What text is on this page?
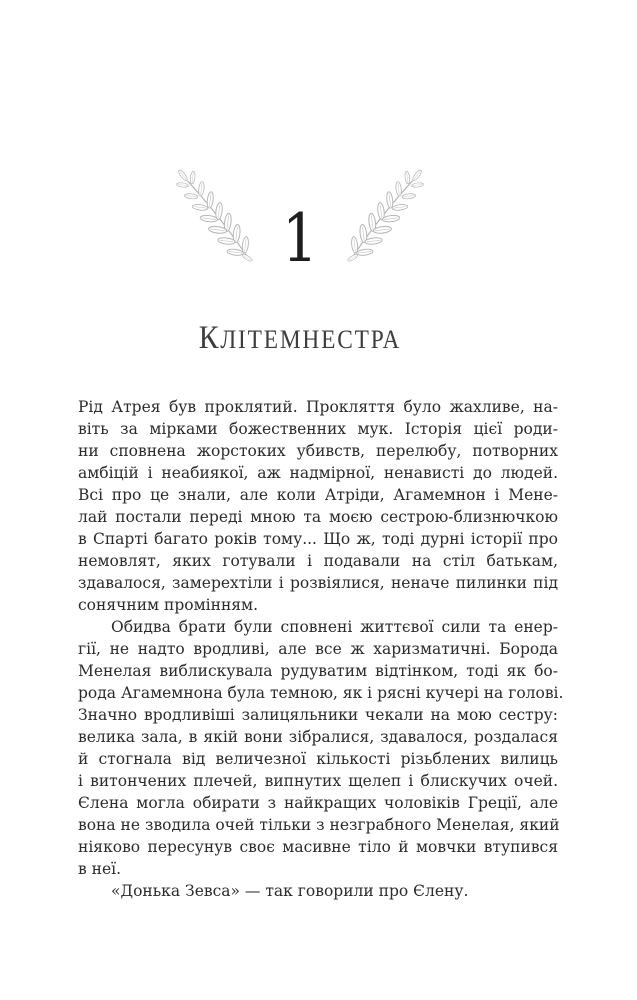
1
КЛІТЕМНЕСТРА
Рід Атрея був проклятий. Прокляття було жахливе, на-
віть за мірками божественних мук. Історія цієї роди-
ни сповнена жорстоких убивств, перелюбу, потворних
амбіцій і неабиякої, аж надмірної, ненависті до людей.
Всі про це знали, але коли Атріди, Агамемнон і Мене-
лай постали переді мною та моєю сестрою-близнючкою
в Спарті багато років тому... Що ж, тоді дурні історії про
немовлят, яких готували і подавали на стіл батькам,
здавалося, замерехтіли і розвіялися, неначе пилинки під
сонячним промінням.
Обидва брати були сповнені життєвої сили та енер-
гії, не надто вродливі, але все ж харизматичні. Борода
Менелая виблискувала рудуватим відтінком, тоді як бо-
рода Агамемнона була темною, як і рясні кучері на голові.
Значно вродливіші залицяльники чекали на мою сестру:
велика зала, в якій вони зібралися, здавалося, роздалася
й стогнала від величезної кількості різьблених вилиць
і витончених плечей, випнутих щелеп і блискучих очей.
Єлена могла обирати з найкращих чоловіків Греції, але
вона не зводила очей тільки з незграбного Менелая, який
ніяково пересунув своє масивне тіло й мовчки втупився
в неї.
«Донька Зевса» — так говорили про Єлену.
